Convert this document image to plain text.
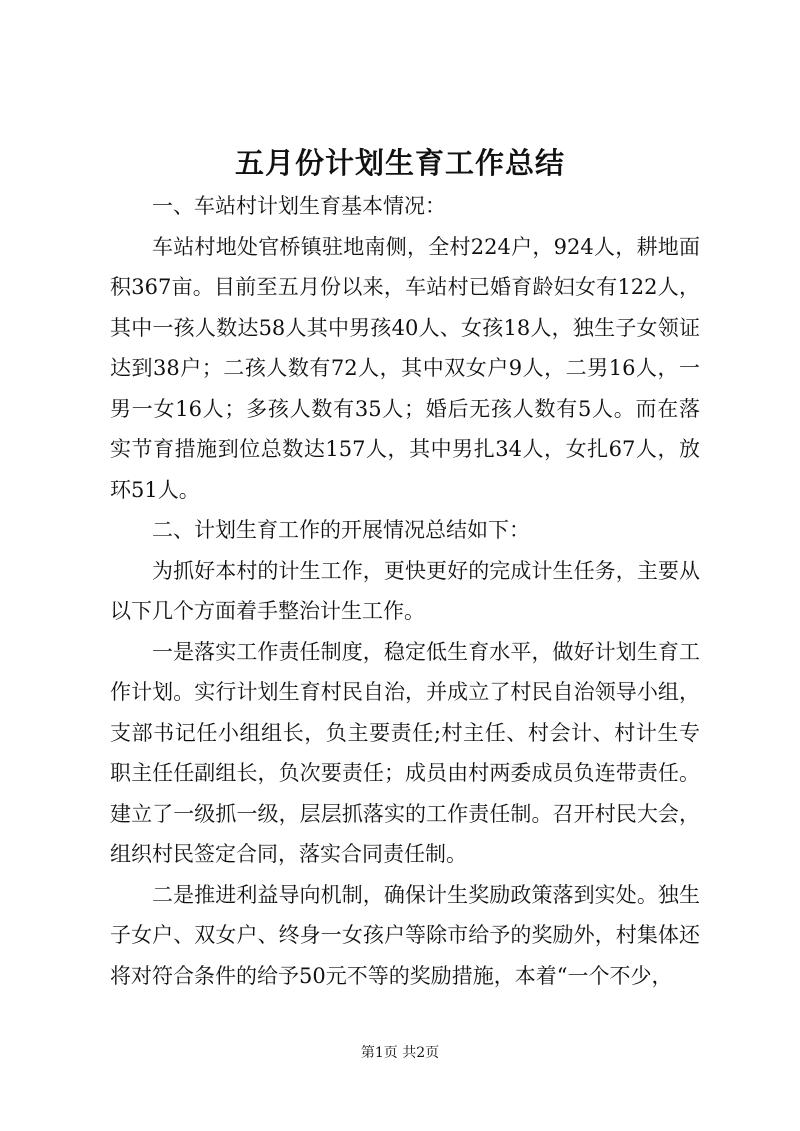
五月份计划生育工作总结

一、车站村计划生育基本情况：

车站村地处官桥镇驻地南侧，全村224户，924人，耕地面积367亩。目前至五月份以来，车站村已婚育龄妇女有122人，其中一孩人数达58人其中男孩40人、女孩18人，独生子女领证达到38户；二孩人数有72人，其中双女户9人，二男16人，一男一女16人；多孩人数有35人；婚后无孩人数有5人。而在落实节育措施到位总数达157人，其中男扎34人，女扎67人，放环51人。

二、计划生育工作的开展情况总结如下：

为抓好本村的计生工作，更快更好的完成计生任务，主要从以下几个方面着手整治计生工作。

一是落实工作责任制度，稳定低生育水平，做好计划生育工作计划。实行计划生育村民自治，并成立了村民自治领导小组，支部书记任小组组长，负主要责任;村主任、村会计、村计生专职主任任副组长，负次要责任；成员由村两委成员负连带责任。建立了一级抓一级，层层抓落实的工作责任制。召开村民大会，组织村民签定合同，落实合同责任制。

二是推进利益导向机制，确保计生奖励政策落到实处。独生子女户、双女户、终身一女孩户等除市给予的奖励外，村集体还将对符合条件的给予50元不等的奖励措施，本着“一个不少，

第1页 共2页
